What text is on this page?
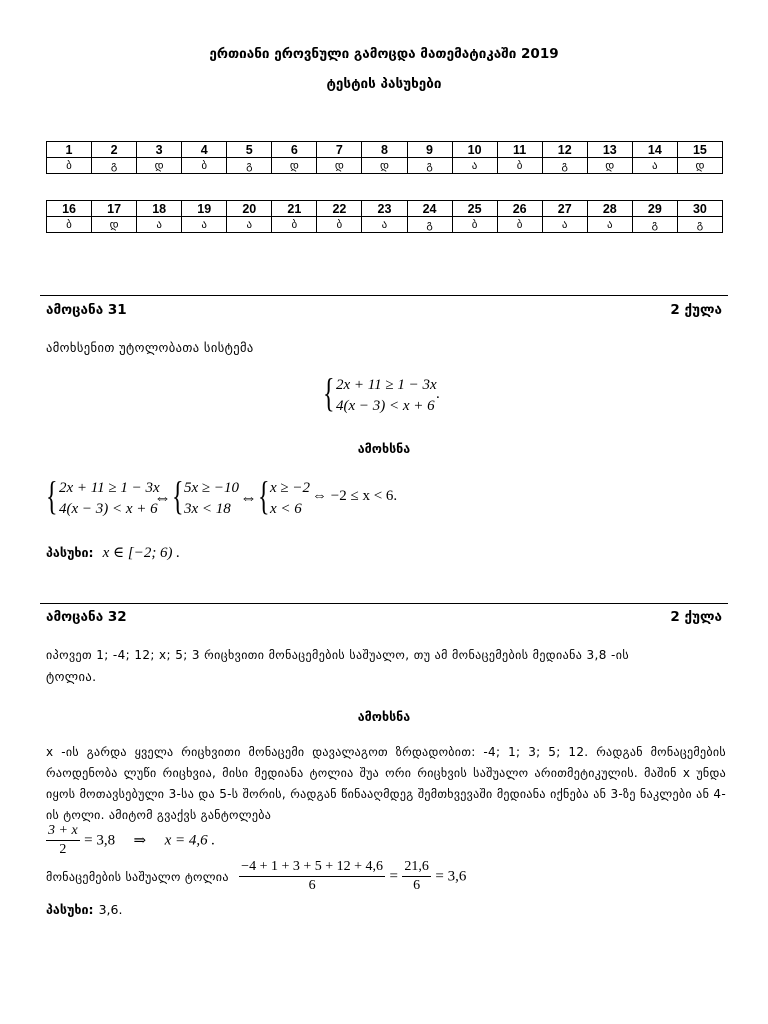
ერთიანი ეროვნული გამოცდა მათემატიკაში 2019
ტესტის პასუხები
1	2	3	4	5	6	7	8	9	10	11	12	13	14	15
ბ	გ	დ	ბ	გ	დ	დ	დ	გ	ა	ბ	გ	დ	ა	დ
16	17	18	19	20	21	22	23	24	25	26	27	28	29	30
ბ	დ	ა	ა	ა	ბ	ბ	ა	გ	ბ	ბ	ა	ა	გ	გ
ამოცანა 31	2 ქულა
ამოხსენით უტოლობათა სისტემა
{ 2x + 11 ≥ 1 − 3x
4(x − 3) < x + 6
.
ამოხსნა
{ 2x + 11 ≥ 1 − 3x
4(x − 3) < x + 6
⇔ { 5x ≥ −10
3x < 18
⇔ { x ≥ −2
x < 6
⇔ −2 ≤ x < 6.
პასუხი: x ∈ [−2; 6) .
ამოცანა 32	2 ქულა
იპოვეთ 1; -4; 12; x; 5; 3 რიცხვითი მონაცემების საშუალო, თუ ამ მონაცემების მედიანა 3,8 -ის
ტოლია.
ამოხსნა
x -ის გარდა ყველა რიცხვითი მონაცემი დავალაგოთ ზრდადობით: -4; 1; 3; 5; 12. რადგან მონაცემების რაოდენობა ლუწი რიცხვია, მისი მედიანა ტოლია შუა ორი რიცხვის საშუალო არითმეტიკულის. მაშინ x უნდა იყოს მოთავსებული 3-სა და 5-ს შორის, რადგან წინააღმდეგ შემთხვევაში მედიანა იქნება ან 3-ზე ნაკლები ან 4-ის ტოლი. ამიტომ გვაქვს განტოლება
$\frac{3 + x}{2} = 3,8$ ⇒ x = 4,6 .
მონაცემების საშუალო ტოლია $\frac{-4 + 1 + 3 + 5 + 12 + 4,6}{6} = \frac{21,6}{6} = 3,6$
პასუხი: 3,6.
